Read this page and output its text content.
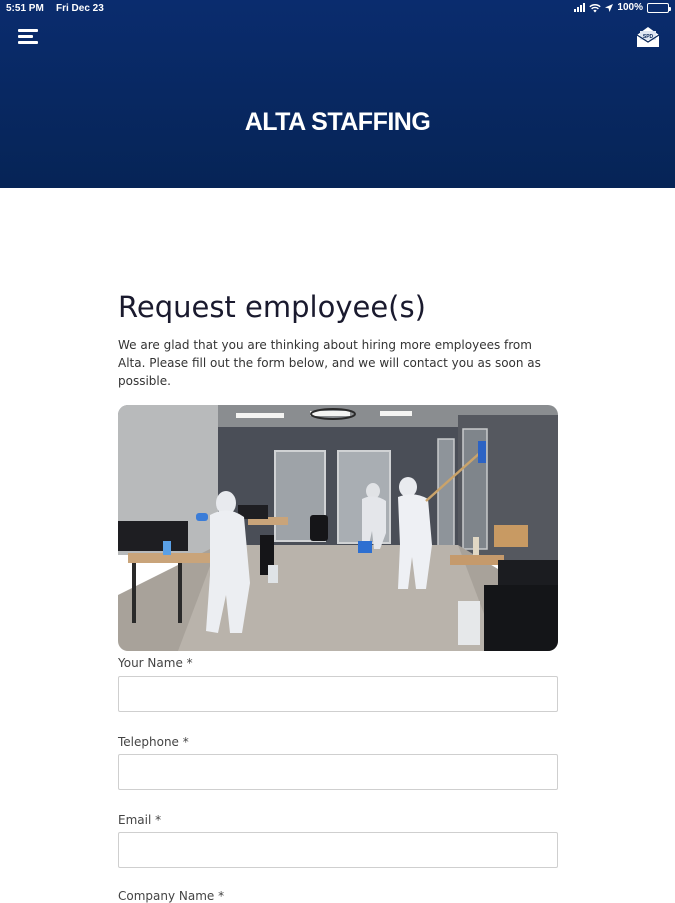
5:51 PM Fri Dec 23	100%
SPD
ALTA STAFFING
Request employee(s)

We are glad that you are thinking about hiring more employees from Alta. Please fill out the form below, and we will contact you as soon as possible.

Your Name *
Telephone *
Email *
Company Name *
